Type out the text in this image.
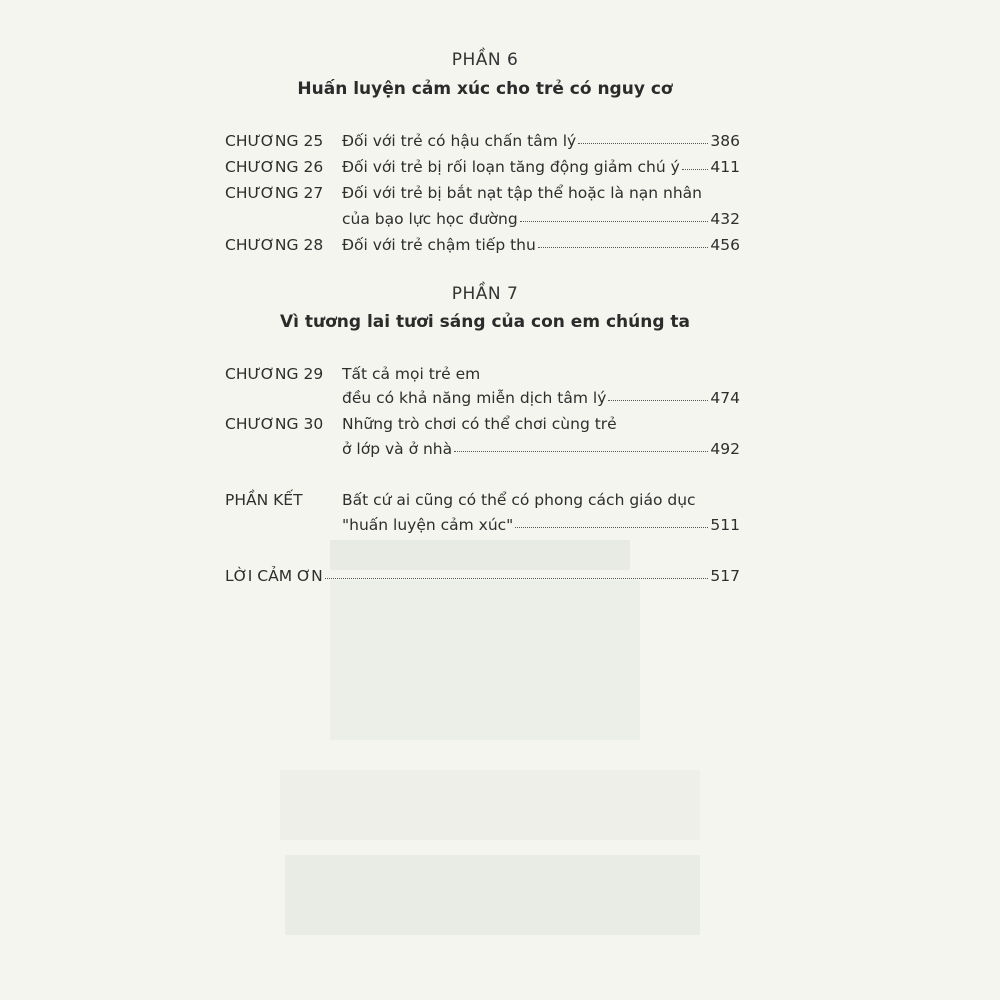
PHẦN 6
Huấn luyện cảm xúc cho trẻ có nguy cơ
CHƯƠNG 25 Đối với trẻ có hậu chấn tâm lý	386
CHƯƠNG 26 Đối với trẻ bị rối loạn tăng động giảm chú ý 411
CHƯƠNG 27 Đối với trẻ bị bắt nạt tập thể hoặc là nạn nhân
của bạo lực học đường	432
CHƯƠNG 28 Đối với trẻ chậm tiếp thu	456
PHẦN 7
Vì tương lai tươi sáng của con em chúng ta
CHƯƠNG 29 Tất cả mọi trẻ em
đều có khả năng miễn dịch tâm lý	474
CHƯƠNG 30 Những trò chơi có thể chơi cùng trẻ
ở lớp và ở nhà	492
PHẦN KẾT	Bất cứ ai cũng có thể có phong cách giáo dục
"huấn luyện cảm xúc"	511
LỜI CẢM ƠN	517
